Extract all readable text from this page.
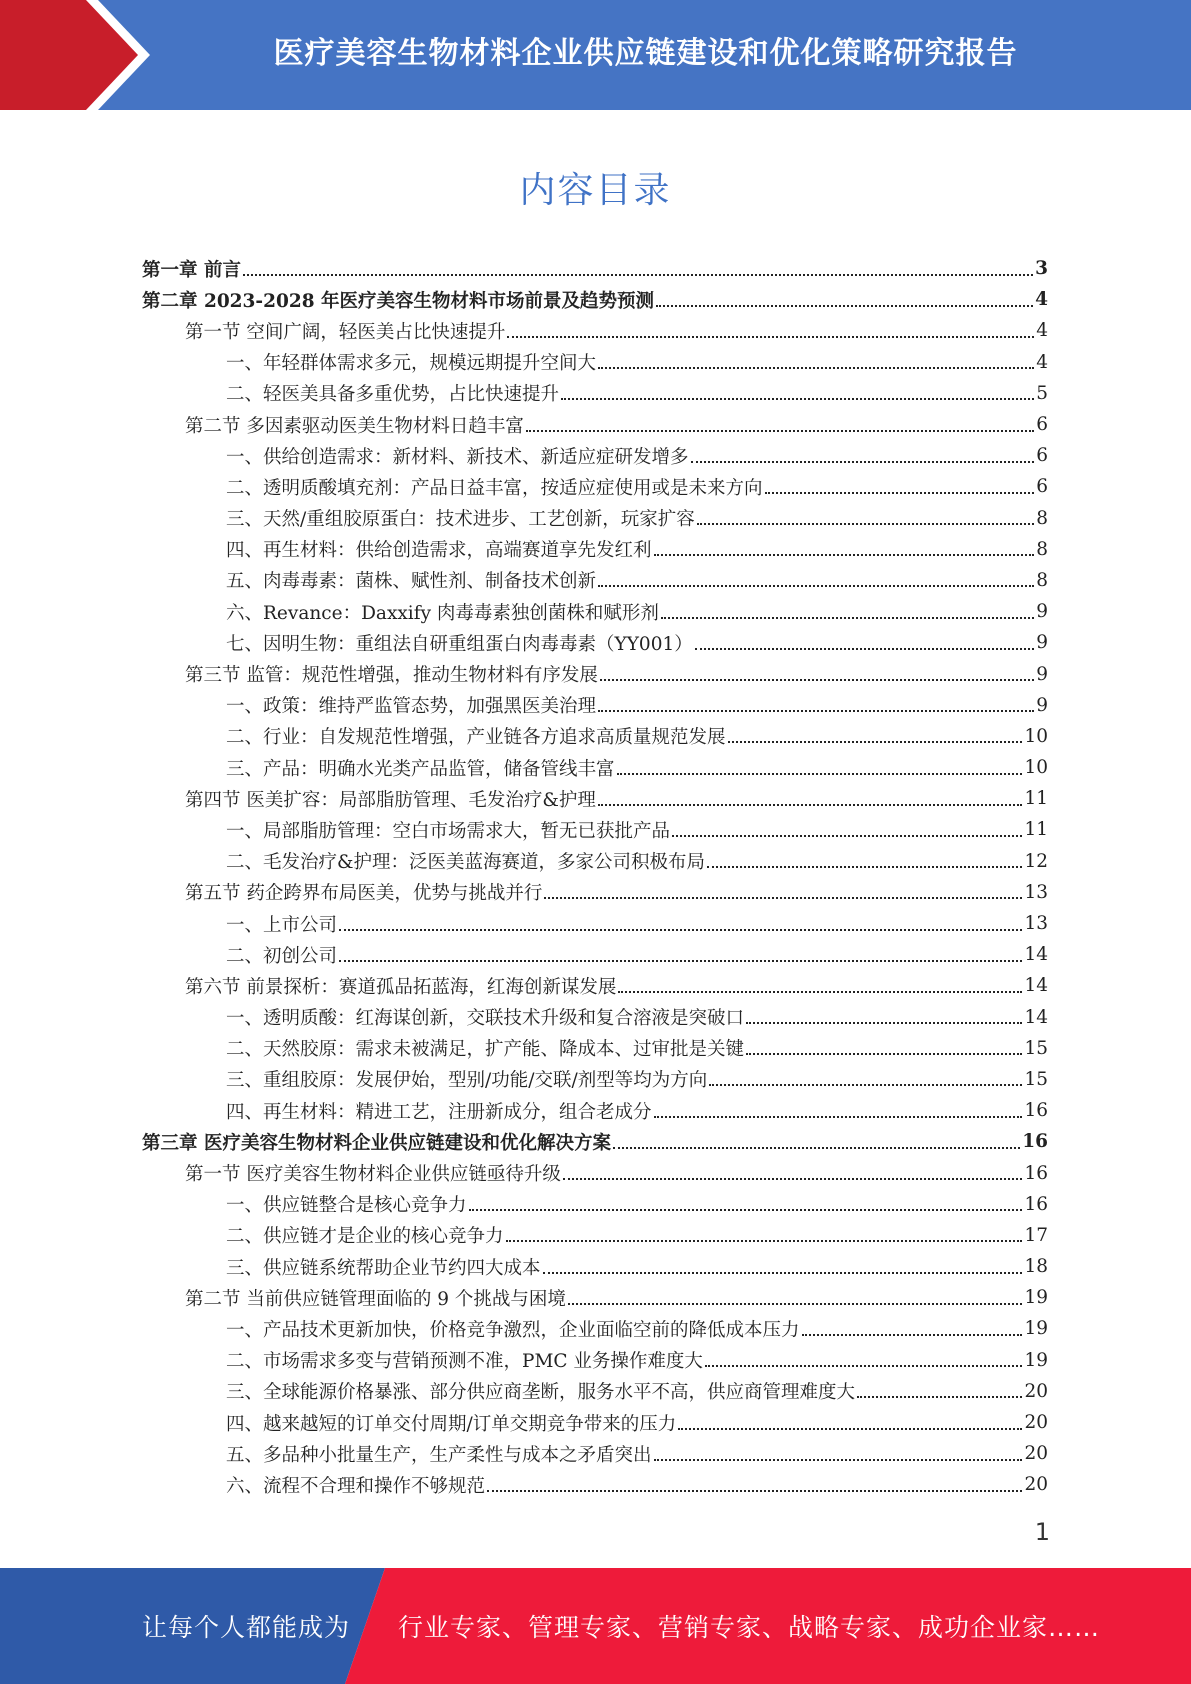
医疗美容生物材料企业供应链建设和优化策略研究报告
内容目录
第一章 前言	3
第二章 2023-2028 年医疗美容生物材料市场前景及趋势预测	4
第一节 空间广阔，轻医美占比快速提升	4
一、年轻群体需求多元，规模远期提升空间大	4
二、轻医美具备多重优势，占比快速提升	5
第二节 多因素驱动医美生物材料日趋丰富	6
一、供给创造需求：新材料、新技术、新适应症研发增多	6
二、透明质酸填充剂：产品日益丰富，按适应症使用或是未来方向	6
三、天然/重组胶原蛋白：技术进步、工艺创新，玩家扩容	8
四、再生材料：供给创造需求，高端赛道享先发红利	8
五、肉毒毒素：菌株、赋性剂、制备技术创新	8
六、Revance：Daxxify 肉毒毒素独创菌株和赋形剂	9
七、因明生物：重组法自研重组蛋白肉毒毒素（YY001）	9
第三节 监管：规范性增强，推动生物材料有序发展	9
一、政策：维持严监管态势，加强黑医美治理	9
二、行业：自发规范性增强，产业链各方追求高质量规范发展	10
三、产品：明确水光类产品监管，储备管线丰富	10
第四节 医美扩容：局部脂肪管理、毛发治疗&护理	11
一、局部脂肪管理：空白市场需求大，暂无已获批产品	11
二、毛发治疗&护理：泛医美蓝海赛道，多家公司积极布局	12
第五节 药企跨界布局医美，优势与挑战并行	13
一、上市公司	13
二、初创公司	14
第六节 前景探析：赛道孤品拓蓝海，红海创新谋发展	14
一、透明质酸：红海谋创新，交联技术升级和复合溶液是突破口	14
二、天然胶原：需求未被满足，扩产能、降成本、过审批是关键	15
三、重组胶原：发展伊始，型别/功能/交联/剂型等均为方向	15
四、再生材料：精进工艺，注册新成分，组合老成分	16
第三章 医疗美容生物材料企业供应链建设和优化解决方案	16
第一节 医疗美容生物材料企业供应链亟待升级	16
一、供应链整合是核心竞争力	16
二、供应链才是企业的核心竞争力	17
三、供应链系统帮助企业节约四大成本	18
第二节 当前供应链管理面临的 9 个挑战与困境	19
一、产品技术更新加快，价格竞争激烈，企业面临空前的降低成本压力	19
二、市场需求多变与营销预测不准，PMC 业务操作难度大	19
三、全球能源价格暴涨、部分供应商垄断，服务水平不高，供应商管理难度大	20
四、越来越短的订单交付周期/订单交期竞争带来的压力	20
五、多品种小批量生产，生产柔性与成本之矛盾突出	20
六、流程不合理和操作不够规范	20
1
让每个人都能成为 行业专家、管理专家、营销专家、战略专家、成功企业家……
